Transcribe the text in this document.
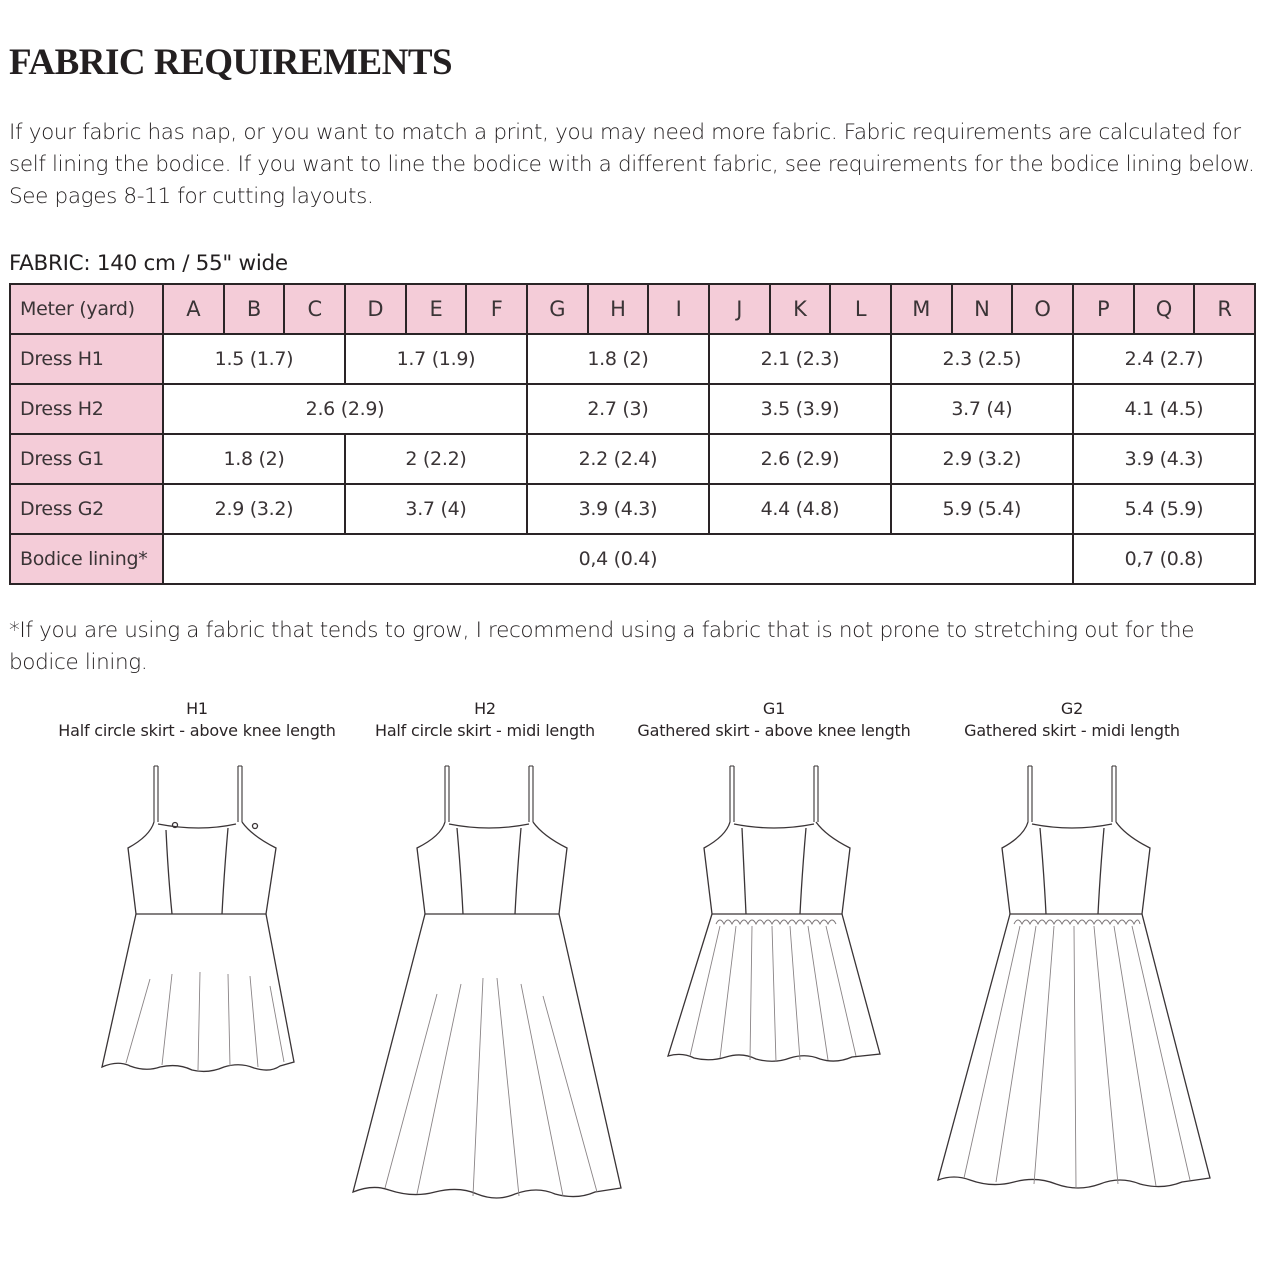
FABRIC REQUIREMENTS

If your fabric has nap, or you want to match a print, you may need more fabric. Fabric requirements are calculated for self lining the bodice. If you want to line the bodice with a different fabric, see requirements for the bodice lining below. See pages 8-11 for cutting layouts.

FABRIC: 140 cm / 55" wide
Meter (yard)	A	B	C	D	E	F	G	H	I	J	K	L	M	N	O	P	Q	R
Dress H1	1.5 (1.7)			1.7 (1.9)			1.8 (2)			2.1 (2.3)			2.3 (2.5)			2.4 (2.7)		
Dress H2	2.6 (2.9)						2.7 (3)			3.5 (3.9)			3.7 (4)			4.1 (4.5)		
Dress G1	1.8 (2)			2 (2.2)			2.2 (2.4)			2.6 (2.9)			2.9 (3.2)			3.9 (4.3)		
Dress G2	2.9 (3.2)			3.7 (4)			3.9 (4.3)			4.4 (4.8)			5.9 (5.4)			5.4 (5.9)		
Bodice lining*	0,4 (0.4)															0,7 (0.8)		

*If you are using a fabric that tends to grow, I recommend using a fabric that is not prone to stretching out for the bodice lining.

H1
Half circle skirt - above knee length
H2
Half circle skirt - midi length
G1
Gathered skirt - above knee length
G2
Gathered skirt - midi length
